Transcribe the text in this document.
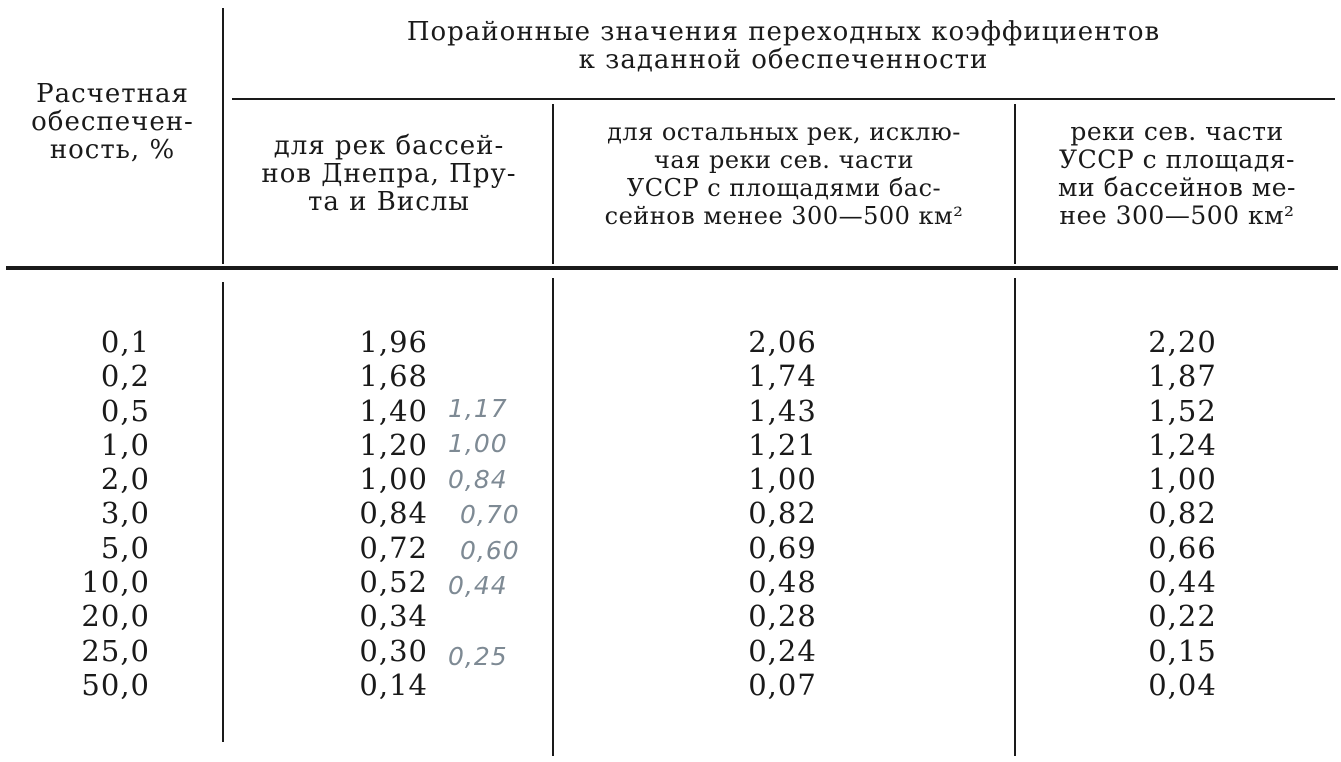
Расчетная
обеспечен-
ность, %
Порайонные значения переходных коэффициентов
к заданной обеспеченности
для рек бассей-
нов Днепра, Пру-
та и Вислы
для остальных рек, исклю-
чая реки сев. части
УССР с площадями бас-
сейнов менее 300—500 км²
реки сев. части
УССР с площадя-
ми бассейнов ме-
нее 300—500 км²
0,1
0,2
0,5
1,0
2,0
3,0
5,0
10,0
20,0
25,0
50,0
1,96
1,68
1,40
1,20
1,00
0,84
0,72
0,52
0,34
0,30
0,14
1,17
1,00
0,84
0,70
0,60
0,44
0,25
2,06
1,74
1,43
1,21
1,00
0,82
0,69
0,48
0,28
0,24
0,07
2,20
1,87
1,52
1,24
1,00
0,82
0,66
0,44
0,22
0,15
0,04
